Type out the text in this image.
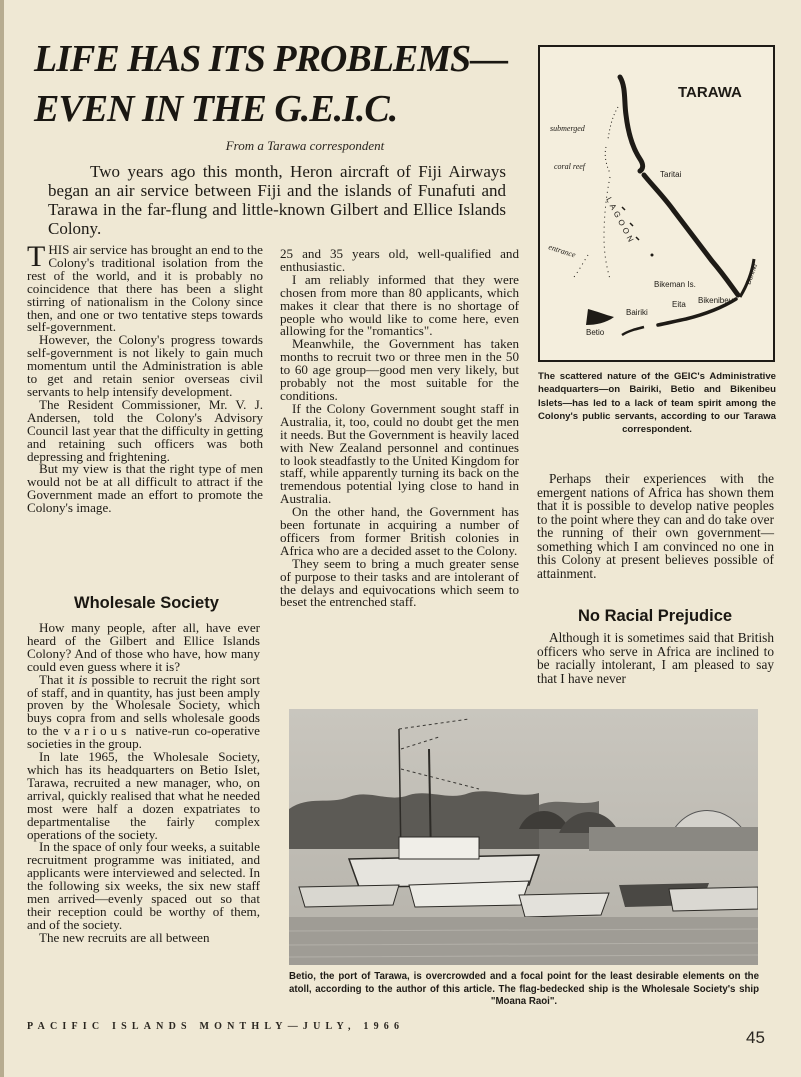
LIFE HAS ITS PROBLEMS—
EVEN IN THE G.E.I.C.
From a Tarawa correspondent
Two years ago this month, Heron aircraft of Fiji Airways began an air service between Fiji and the islands of Funafuti and Tarawa in the far-flung and little-known Gilbert and Ellice Islands Colony.

THIS air service has brought an end to the Colony's traditional isolation from the rest of the world, and it is probably no coincidence that there has been a slight stirring of nationalism in the Colony since then, and one or two tentative steps towards self-government.

However, the Colony's progress towards self-government is not likely to gain much momentum until the Administration is able to get and retain senior overseas civil servants to help intensify development.

The Resident Commissioner, Mr. V. J. Andersen, told the Colony's Advisory Council last year that the difficulty in getting and retaining such officers was both depressing and frightening.

But my view is that the right type of men would not be at all difficult to attract if the Government made an effort to promote the Colony's image.

Wholesale Society

How many people, after all, have ever heard of the Gilbert and Ellice Islands Colony? And of those who have, how many could even guess where it is?

That it is possible to recruit the right sort of staff, and in quantity, has just been amply proven by the Wholesale Society, which buys copra from and sells wholesale goods to the various native-run co-operative societies in the group.

In late 1965, the Wholesale Society, which has its headquarters on Betio Islet, Tarawa, recruited a new manager, who, on arrival, quickly realised that what he needed most were half a dozen expatriates to departmentalise the fairly complex operations of the society.

In the space of only four weeks, a suitable recruitment programme was initiated, and applicants were interviewed and selected. In the following six weeks, the six new staff men arrived—evenly spaced out so that their reception could be worthy of them, and of the society.

The new recruits are all between

25 and 35 years old, well-qualified and enthusiastic.

I am reliably informed that they were chosen from more than 80 applicants, which makes it clear that there is no shortage of people who would like to come here, even allowing for the "romantics".

Meanwhile, the Government has taken months to recruit two or three men in the 50 to 60 age group—good men very likely, but probably not the most suitable for the conditions.

If the Colony Government sought staff in Australia, it, too, could no doubt get the men it needs. But the Government is heavily laced with New Zealand personnel and continues to look steadfastly to the United Kingdom for staff, while apparently turning its back on the tremendous potential lying close to hand in Australia.

On the other hand, the Government has been fortunate in acquiring a number of officers from former British colonies in Africa who are a decided asset to the Colony.

They seem to bring a much greater sense of purpose to their tasks and are intolerant of the delays and equivocations which seem to beset the entrenched staff.

TARAWA
submerged
coral reef
entrance
LAGOON
Taritai
Bikeman Is.
Bairiki
Eita Bikenibeu
Betio
Bonriki
The scattered nature of the GEIC's Administrative headquarters—on Bairiki, Betio and Bikenibeu Islets—has led to a lack of team spirit among the Colony's public servants, according to our Tarawa correspondent.

Perhaps their experiences with the emergent nations of Africa has shown them that it is possible to develop native peoples to the point where they can and do take over the running of their own government—something which I am convinced no one in this Colony at present believes possible of attainment.

No Racial Prejudice

Although it is sometimes said that British officers who serve in Africa are inclined to be racially intolerant, I am pleased to say that I have never

Betio, the port of Tarawa, is overcrowded and a focal point for the least desirable elements on the atoll, according to the author of this article. The flag-bedecked ship is the Wholesale Society's ship "Moana Raoi".
PACIFIC ISLANDS MONTHLY—JULY, 1966
45
